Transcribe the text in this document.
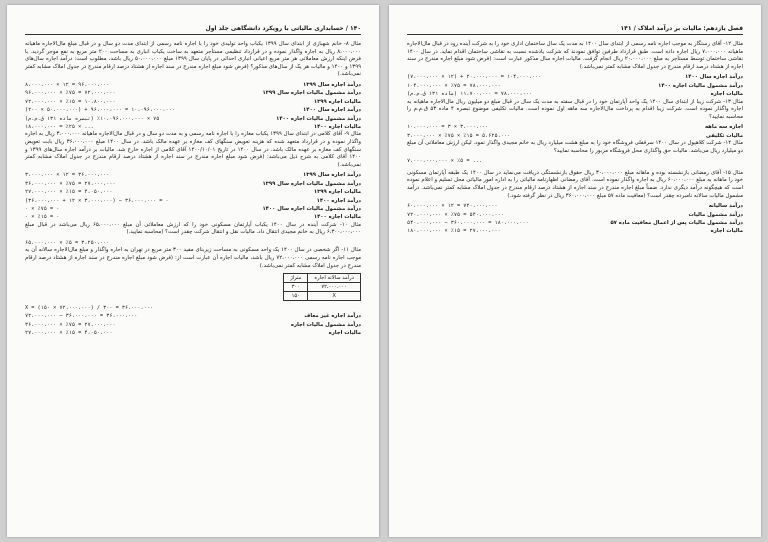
۱۴۰ / حسابداری مالیاتی با رویکرد دانشگاهی جلد اول

مثال ۸- خانم شهبازی از ابتدای سال ۱۳۹۹ یکباب واحد تولیدی خود را با اجاره نامه رسمی از ابتدای مدت دو سال و در قبال مبلغ مال‌الاجاره ماهیانه ۸،۰۰۰،۰۰۰ ریال به اجاره واگذار نموده و در قرارداد تنظیمی مستأجر متعهد به ساخت یکباب انباری به مساحت ۲۰۰ متر مربع به نفع موجر گردید. با فرض اینکه ارزش معاملاتی هر متر مربع اعیانی انباری احداثی در پایان سال ۱۳۹۹ مبلغ ۵۰،۰۰۰،۰۰۰ ریال باشد، مطلوب است: درآمد اجاره سال‌های ۱۳۹۹ و ۱۴۰۰ و مالیات هر یک از سال‌های مذکور؟ (فرض شود مبلغ اجاره مندرج در سند اجاره از هشتاد درصد ارقام مندرج در جدول املاک مشابه کمتر نمی‌باشد.)

درآمد اجاره سال ۱۳۹۹
۸،۰۰۰،۰۰۰ × ۱۲ = ۹۶،۰۰۰،۰۰۰
درآمد مشمول مالیات اجاره سال ۱۳۹۹
۹۶،۰۰۰،۰۰۰ × ٪۷۵ = ۷۲،۰۰۰،۰۰۰
مالیات اجاره ۱۳۹۹
۷۲،۰۰۰،۰۰۰ × ٪۱۵ = ۱۰،۸۰۰،۰۰۰
درآمد اجاره سال ۱۴۰۰
(۲۰۰ × ۵۰،۰۰۰،۰۰۰) + ۹۶،۰۰۰،۰۰۰ = ۱۰،۰۹۶،۰۰۰،۰۰۰
درآمد مشمول مالیات اجاره ۱۴۰۰
(تبصره ماده ۱۳۱ ق.م.م) ٪۷۵ × ۱۰،۰۹۶،۰۰۰،۰۰۰
مالیات اجاره ۱۴۰۰
۱۸،۰۰۰،۰۰۰ = ٪۲۵ × ...

مثال ۹- آقای کلامی در ابتدای سال ۱۳۹۹ یکباب مغازه را با اجاره نامه رسمی و به مدت دو سال و در قبال مال‌الاجاره ماهیانه ۳،۰۰۰،۰۰۰ ریال به اجاره واگذار نموده و در قرارداد متعهد شده که هزینه تعویض سنگهای کف مغازه بر عهده مالک باشد. در سال ۱۴۰۰ مبلغ ۳۶،۰۰۰،۰۰۰ ریال بابت تعویض سنگهای کف مغازه بر عهده مالک باشد. در سال ۱۴۰۰ در تاریخ ۱۴۰۰/۱۰/۰۱ آقای کلامی از اجاره خارج شد. مالیات بر درآمد اجاره سال‌های ۱۳۹۹ و ۱۴۰۰ آقای کلامی به شرح ذیل می‌باشد: (فرض شود مبلغ اجاره مندرج در سند اجاره از هشتاد درصد ارقام مندرج در جدول املاک مشابه کمتر نمی‌باشد.)

درآمد اجاره سال ۱۳۹۹
۳،۰۰۰،۰۰۰ × ۱۲ = ۳۶،۰۰۰،۰۰۰
درآمد مشمول مالیات اجاره سال ۱۳۹۹
۳۶،۰۰۰،۰۰۰ × ٪۷۵ = ۲۷،۰۰۰،۰۰۰
مالیات اجاره ۱۳۹۹
۲۷،۰۰۰،۰۰۰ × ٪۱۵ = ۴،۰۵۰،۰۰۰
درآمد اجاره ۱۴۰۰
(۳۶،۰۰۰،۰۰۰ + ۱۲ × ۳،۰۰۰،۰۰۰) − ۳۶،۰۰۰،۰۰۰ = ۰
درآمد مشمول مالیات اجاره سال ۱۴۰۰
۰ × ٪۷۵ = ۰
مالیات اجاره ۱۴۰۰
۰ × ٪۱۵ = ۰

مثال ۱۰- شرکت آینده در سال ۱۴۰۰ یکباب آپارتمان مسکونی خود را که ارزش معاملاتی آن مبلغ ۶۵،۰۰۰،۰۰۰ ریال می‌باشد در قبال مبلغ ۶،۳۰۰،۰۰۰،۰۰۰ ریال به خانم مجیدی انتقال داد. مالیات نقل و انتقال شرکت چقدر است؟ (محاسبه نمایید.)

۶۵،۰۰۰،۰۰۰ × ٪۵ = ۳،۲۵۰،۰۰۰

مثال ۱۱- اگر شخصی در سال ۱۴۰۰ یک واحد مسکونی به مساحت زیربنای مفید ۳۰۰ متر مربع در تهران به اجاره واگذار و مبلغ مال‌الاجاره سالانه آن به موجب اجاره نامه رسمی ۷۲،۰۰۰،۰۰۰ ریال باشد، مالیات اجاره آن عبارت است از: (فرض شود مبلغ اجاره مندرج در سند اجاره از هشتاد درصد ارقام مندرج در جدول املاک مشابه کمتر نمی‌باشد.)

درآمد سالانه اجاره	متراژ
۷۲،۰۰۰،۰۰۰	۳۰۰
X	۱۵۰
X = (۱۵۰ × ۷۲،۰۰۰،۰۰۰) / ۳۰۰ = ۳۶،۰۰۰،۰۰۰
درآمد اجاره غیر معاف
۷۲،۰۰۰،۰۰۰ − ۳۶،۰۰۰،۰۰۰ = ۳۶،۰۰۰،۰۰۰
درآمد مشمول مالیات اجاره
۳۶،۰۰۰،۰۰۰ × ٪۷۵ = ۲۷،۰۰۰،۰۰۰
مالیات اجاره
۲۷،۰۰۰،۰۰۰ × ٪۱۵ = ۴،۰۵۰،۰۰۰
فصل یازدهم: مالیات بر درآمد املاک / ۱۴۱

مثال ۱۲- آقای رستگار به موجب اجاره نامه رسمی از ابتدای سال ۱۴۰۰ به مدت یک سال ساختمان اداری خود را به شرکت آینده رود در قبال مال‌الاجاره ماهیانه ۷،۰۰۰،۰۰۰ ریال اجاره داده است. طبق قرارداد طرفین توافق نمودند که شرکت یادشده نسبت به نقاشی ساختمان اقدام نماید. در سال ۱۴۰۰ نقاشی ساختمان توسط مستأجر به مبلغ ۲۰،۰۰۰،۰۰۰ ریال انجام گرفت. مالیات اجاره سال مذکور عبارت است: (فرض شود مبلغ اجاره مندرج در سند اجاره از هشتاد درصد ارقام مندرج در جدول املاک مشابه کمتر نمی‌باشد.)

درآمد اجاره سال ۱۴۰۰
(۷،۰۰۰،۰۰۰ × ۱۲) + ۲۰،۰۰۰،۰۰۰ = ۱۰۴،۰۰۰،۰۰۰
درآمد مشمول مالیات اجاره ۱۴۰۰
۱۰۴،۰۰۰،۰۰۰ × ٪۷۵ = ۷۸،۰۰۰،۰۰۰
مالیات اجاره
(ماده ۱۳۱ ق.م.م) ۷۸،۰۰۰،۰۰۰ = ۱۱،۷۰۰،۰۰۰

مثال ۱۳- شرکت زیبا از ابتدای سال ۱۴۰۰ یک واحد آپارتمان خود را در قبال سفته به مدت یک سال در قبال مبلغ دو میلیون ریال مال‌الاجاره ماهیانه به اجاره واگذار نموده است. شرکت زیبا اقدام به پرداخت مال‌الاجاره سه ماهه اول نموده است. مالیات تکلیفی موضوع تبصره ۴ ماده ۵۳ ق.م.م را محاسبه نمایید؟

اجاره سه ماهه
۱۰،۰۰۰،۰۰۰ = ۳ × ۳،۰۰۰،۰۰۰
مالیات تکلیفی
۳،۰۰۰،۰۰۰ × ٪۷۵ × ٪۱۵ = ۵،۶۲۵،۰۰۰

مثال ۱۴- شرکت کلاهپول در سال ۱۴۰۰ سرقفلی فروشگاه خود را به مبلغ هشت میلیارد ریال به خانم مجیدی واگذار نمود. لیکن ارزش معاملاتی آن مبلغ دو میلیارد ریال می‌باشد. مالیات حق واگذاری محل فروشگاه مزبور را محاسبه نمایید؟

۷،۰۰۰،۰۰۰،۰۰۰ × ٪۵ = ...

مثال ۱۵- آقای رمضانی بازنشسته بوده و ماهانه مبلغ ۳۰،۰۰۰،۰۰۰ ریال حقوق بازنشستگی دریافت می‌نماید در سال ۱۴۰۰ یک طبقه آپارتمان مسکونی خود را ماهانه به مبلغ ۶۰،۰۰۰،۰۰۰ ریال به اجاره واگذار نموده است. آقای رمضانی اظهارنامه مالیاتی را به اداره امور مالیاتی محل تسلیم و اعلام نموده است که هیچگونه درآمد دیگری ندارد. ضمناً مبلغ اجاره مندرج در سند اجاره از هشتاد درصد ارقام مندرج در جدول املاک مشابه کمتر نمی‌باشد. درآمد مشمول مالیات سالانه نامبرده چقدر است؟ (معافیت ماده ۵۷ مبلغ ۳۶۰،۰۰۰،۰۰۰ ریال در نظر گرفته شود.)

درآمد سالیانه
۶۰،۰۰۰،۰۰۰ × ۱۲ = ۷۲۰،۰۰۰،۰۰۰
درآمد مشمول مالیات
۷۲۰،۰۰۰،۰۰۰ × ٪۷۵ = ۵۴۰،۰۰۰،۰۰۰
درآمد مشمول مالیات پس از اعمال معافیت ماده ۵۷
۵۴۰،۰۰۰،۰۰۰ − ۳۶۰،۰۰۰،۰۰۰ = ۱۸۰،۰۰۰،۰۰۰
مالیات اجاره
۱۸۰،۰۰۰،۰۰۰ × ٪۱۵ = ۲۷،۰۰۰،۰۰۰
